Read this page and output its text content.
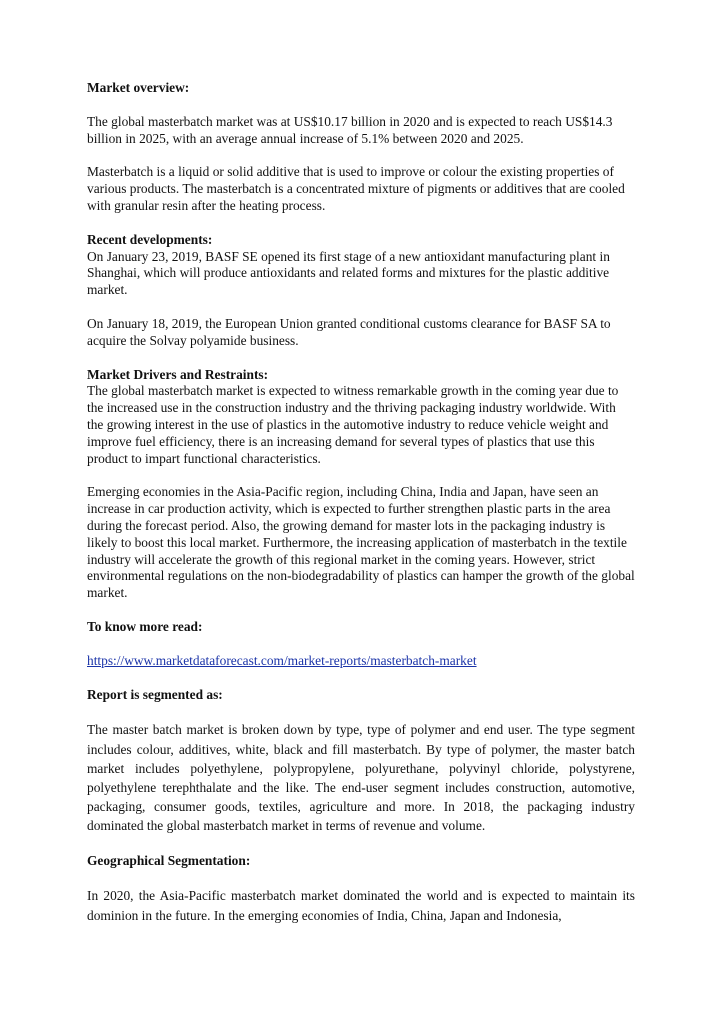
Market overview:

The global masterbatch market was at US$10.17 billion in 2020 and is expected to reach US$14.3 billion in 2025, with an average annual increase of 5.1% between 2020 and 2025.

Masterbatch is a liquid or solid additive that is used to improve or colour the existing properties of various products. The masterbatch is a concentrated mixture of pigments or additives that are cooled with granular resin after the heating process.

Recent developments:

On January 23, 2019, BASF SE opened its first stage of a new antioxidant manufacturing plant in Shanghai, which will produce antioxidants and related forms and mixtures for the plastic additive market.

On January 18, 2019, the European Union granted conditional customs clearance for BASF SA to acquire the Solvay polyamide business.

Market Drivers and Restraints:

The global masterbatch market is expected to witness remarkable growth in the coming year due to the increased use in the construction industry and the thriving packaging industry worldwide. With the growing interest in the use of plastics in the automotive industry to reduce vehicle weight and improve fuel efficiency, there is an increasing demand for several types of plastics that use this product to impart functional characteristics.

Emerging economies in the Asia-Pacific region, including China, India and Japan, have seen an increase in car production activity, which is expected to further strengthen plastic parts in the area during the forecast period. Also, the growing demand for master lots in the packaging industry is likely to boost this local market. Furthermore, the increasing application of masterbatch in the textile industry will accelerate the growth of this regional market in the coming years. However, strict environmental regulations on the non-biodegradability of plastics can hamper the growth of the global market.

To know more read:

https://www.marketdataforecast.com/market-reports/masterbatch-market

Report is segmented as:

The master batch market is broken down by type, type of polymer and end user. The type segment includes colour, additives, white, black and fill masterbatch. By type of polymer, the master batch market includes polyethylene, polypropylene, polyurethane, polyvinyl chloride, polystyrene, polyethylene terephthalate and the like. The end-user segment includes construction, automotive, packaging, consumer goods, textiles, agriculture and more. In 2018, the packaging industry dominated the global masterbatch market in terms of revenue and volume.

Geographical Segmentation:

In 2020, the Asia-Pacific masterbatch market dominated the world and is expected to maintain its dominion in the future. In the emerging economies of India, China, Japan and Indonesia,
